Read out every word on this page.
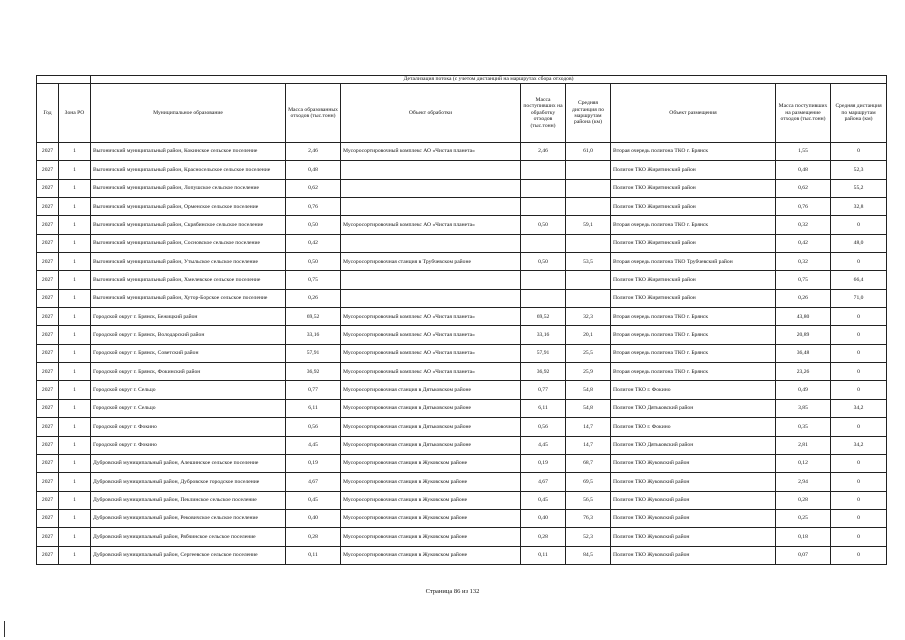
		Детализация потока (с учетом дистанций на маршрутах сбора отходов)							
Год	Зона РО	Муниципальное образование	Масса образованных отходов (тыс.тонн)	Объект обработки	Масса поступивших на обработку отходов (тыс.тонн)	Средняя дистанция по маршрутам района (км)	Объект размещения	Масса поступивших на размещение отходов (тыс.тонн)	Средняя дистанция по маршрутам района (км)
2027	1	Выгоничский муниципальный район, Кокинское сельское поселение	2,46	Мусоросортировочный комплекс АО «Чистая планета»	2,46	61,0	Вторая очередь полигона ТКО г. Брянск	1,55	0
2027	1	Выгоничский муниципальный район, Красносельское сельское поселение	0,48				Полигон ТКО Жирятинский район	0,48	52,3
2027	1	Выгоничский муниципальный район, Лопушское сельское поселение	0,62				Полигон ТКО Жирятинский район	0,62	55,2
2027	1	Выгоничский муниципальный район, Орменское сельское поселение	0,76				Полигон ТКО Жирятинский район	0,76	32,8
2027	1	Выгоничский муниципальный район, Скрябинское сельское поселение	0,50	Мусоросортировочный комплекс АО «Чистая планета»	0,50	59,1	Вторая очередь полигона ТКО г. Брянск	0,32	0
2027	1	Выгоничский муниципальный район, Сосновское сельское поселение	0,42				Полигон ТКО Жирятинский район	0,42	48,0
2027	1	Выгоничский муниципальный район, Утыльское сельское поселение	0,50	Мусоросортировочная станция в Трубчевском районе	0,50	53,5	Вторая очередь полигона ТКО Трубчевский район	0,32	0
2027	1	Выгоничский муниципальный район, Хмелевское сельское поселение	0,75				Полигон ТКО Жирятинский район	0,75	66,4
2027	1	Выгоничский муниципальный район, Хутор-Борское сельское поселение	0,26				Полигон ТКО Жирятинский район	0,26	71,0
2027	1	Городской округ г. Брянск, Бежицкий район	69,52	Мусоросортировочный комплекс АО «Чистая планета»	69,52	32,3	Вторая очередь полигона ТКО г. Брянск	43,80	0
2027	1	Городской округ г. Брянск, Володарский район	33,16	Мусоросортировочный комплекс АО «Чистая планета»	33,16	20,1	Вторая очередь полигона ТКО г. Брянск	20,89	0
2027	1	Городской округ г. Брянск, Советский район	57,91	Мусоросортировочный комплекс АО «Чистая планета»	57,91	25,5	Вторая очередь полигона ТКО г. Брянск	36,48	0
2027	1	Городской округ г. Брянск, Фокинский район	36,92	Мусоросортировочный комплекс АО «Чистая планета»	36,92	25,9	Вторая очередь полигона ТКО г. Брянск	23,26	0
2027	1	Городской округ г. Сельцо	0,77	Мусоросортировочная станция в Дятьковском районе	0,77	54,8	Полигон ТКО г. Фокино	0,49	0
2027	1	Городской округ г. Сельцо	6,11	Мусоросортировочная станция в Дятьковском районе	6,11	54,8	Полигон ТКО Дятьковский район	3,85	34,2
2027	1	Городской округ г. Фокино	0,56	Мусоросортировочная станция в Дятьковском районе	0,56	14,7	Полигон ТКО г. Фокино	0,35	0
2027	1	Городской округ г. Фокино	4,45	Мусоросортировочная станция в Дятьковском районе	4,45	14,7	Полигон ТКО Дятьковский район	2,81	34,2
2027	1	Дубровский муниципальный район, Алешинское сельское поселение	0,19	Мусоросортировочная станция в Жуковском районе	0,19	68,7	Полигон ТКО Жуковский район	0,12	0
2027	1	Дубровский муниципальный район, Дубровское городское поселение	4,67	Мусоросортировочная станция в Жуковском районе	4,67	69,5	Полигон ТКО Жуковский район	2,94	0
2027	1	Дубровский муниципальный район, Пеклинское сельское поселение	0,45	Мусоросортировочная станция в Жуковском районе	0,45	56,5	Полигон ТКО Жуковский район	0,28	0
2027	1	Дубровский муниципальный район, Рековичское сельское поселение	0,40	Мусоросортировочная станция в Жуковском районе	0,40	76,3	Полигон ТКО Жуковский район	0,25	0
2027	1	Дубровский муниципальный район, Рябчинское сельское поселение	0,28	Мусоросортировочная станция в Жуковском районе	0,28	52,3	Полигон ТКО Жуковский район	0,18	0
2027	1	Дубровский муниципальный район, Сергеевское сельское поселение	0,11	Мусоросортировочная станция в Жуковском районе	0,11	84,5	Полигон ТКО Жуковский район	0,07	0
Страница 86 из 132
